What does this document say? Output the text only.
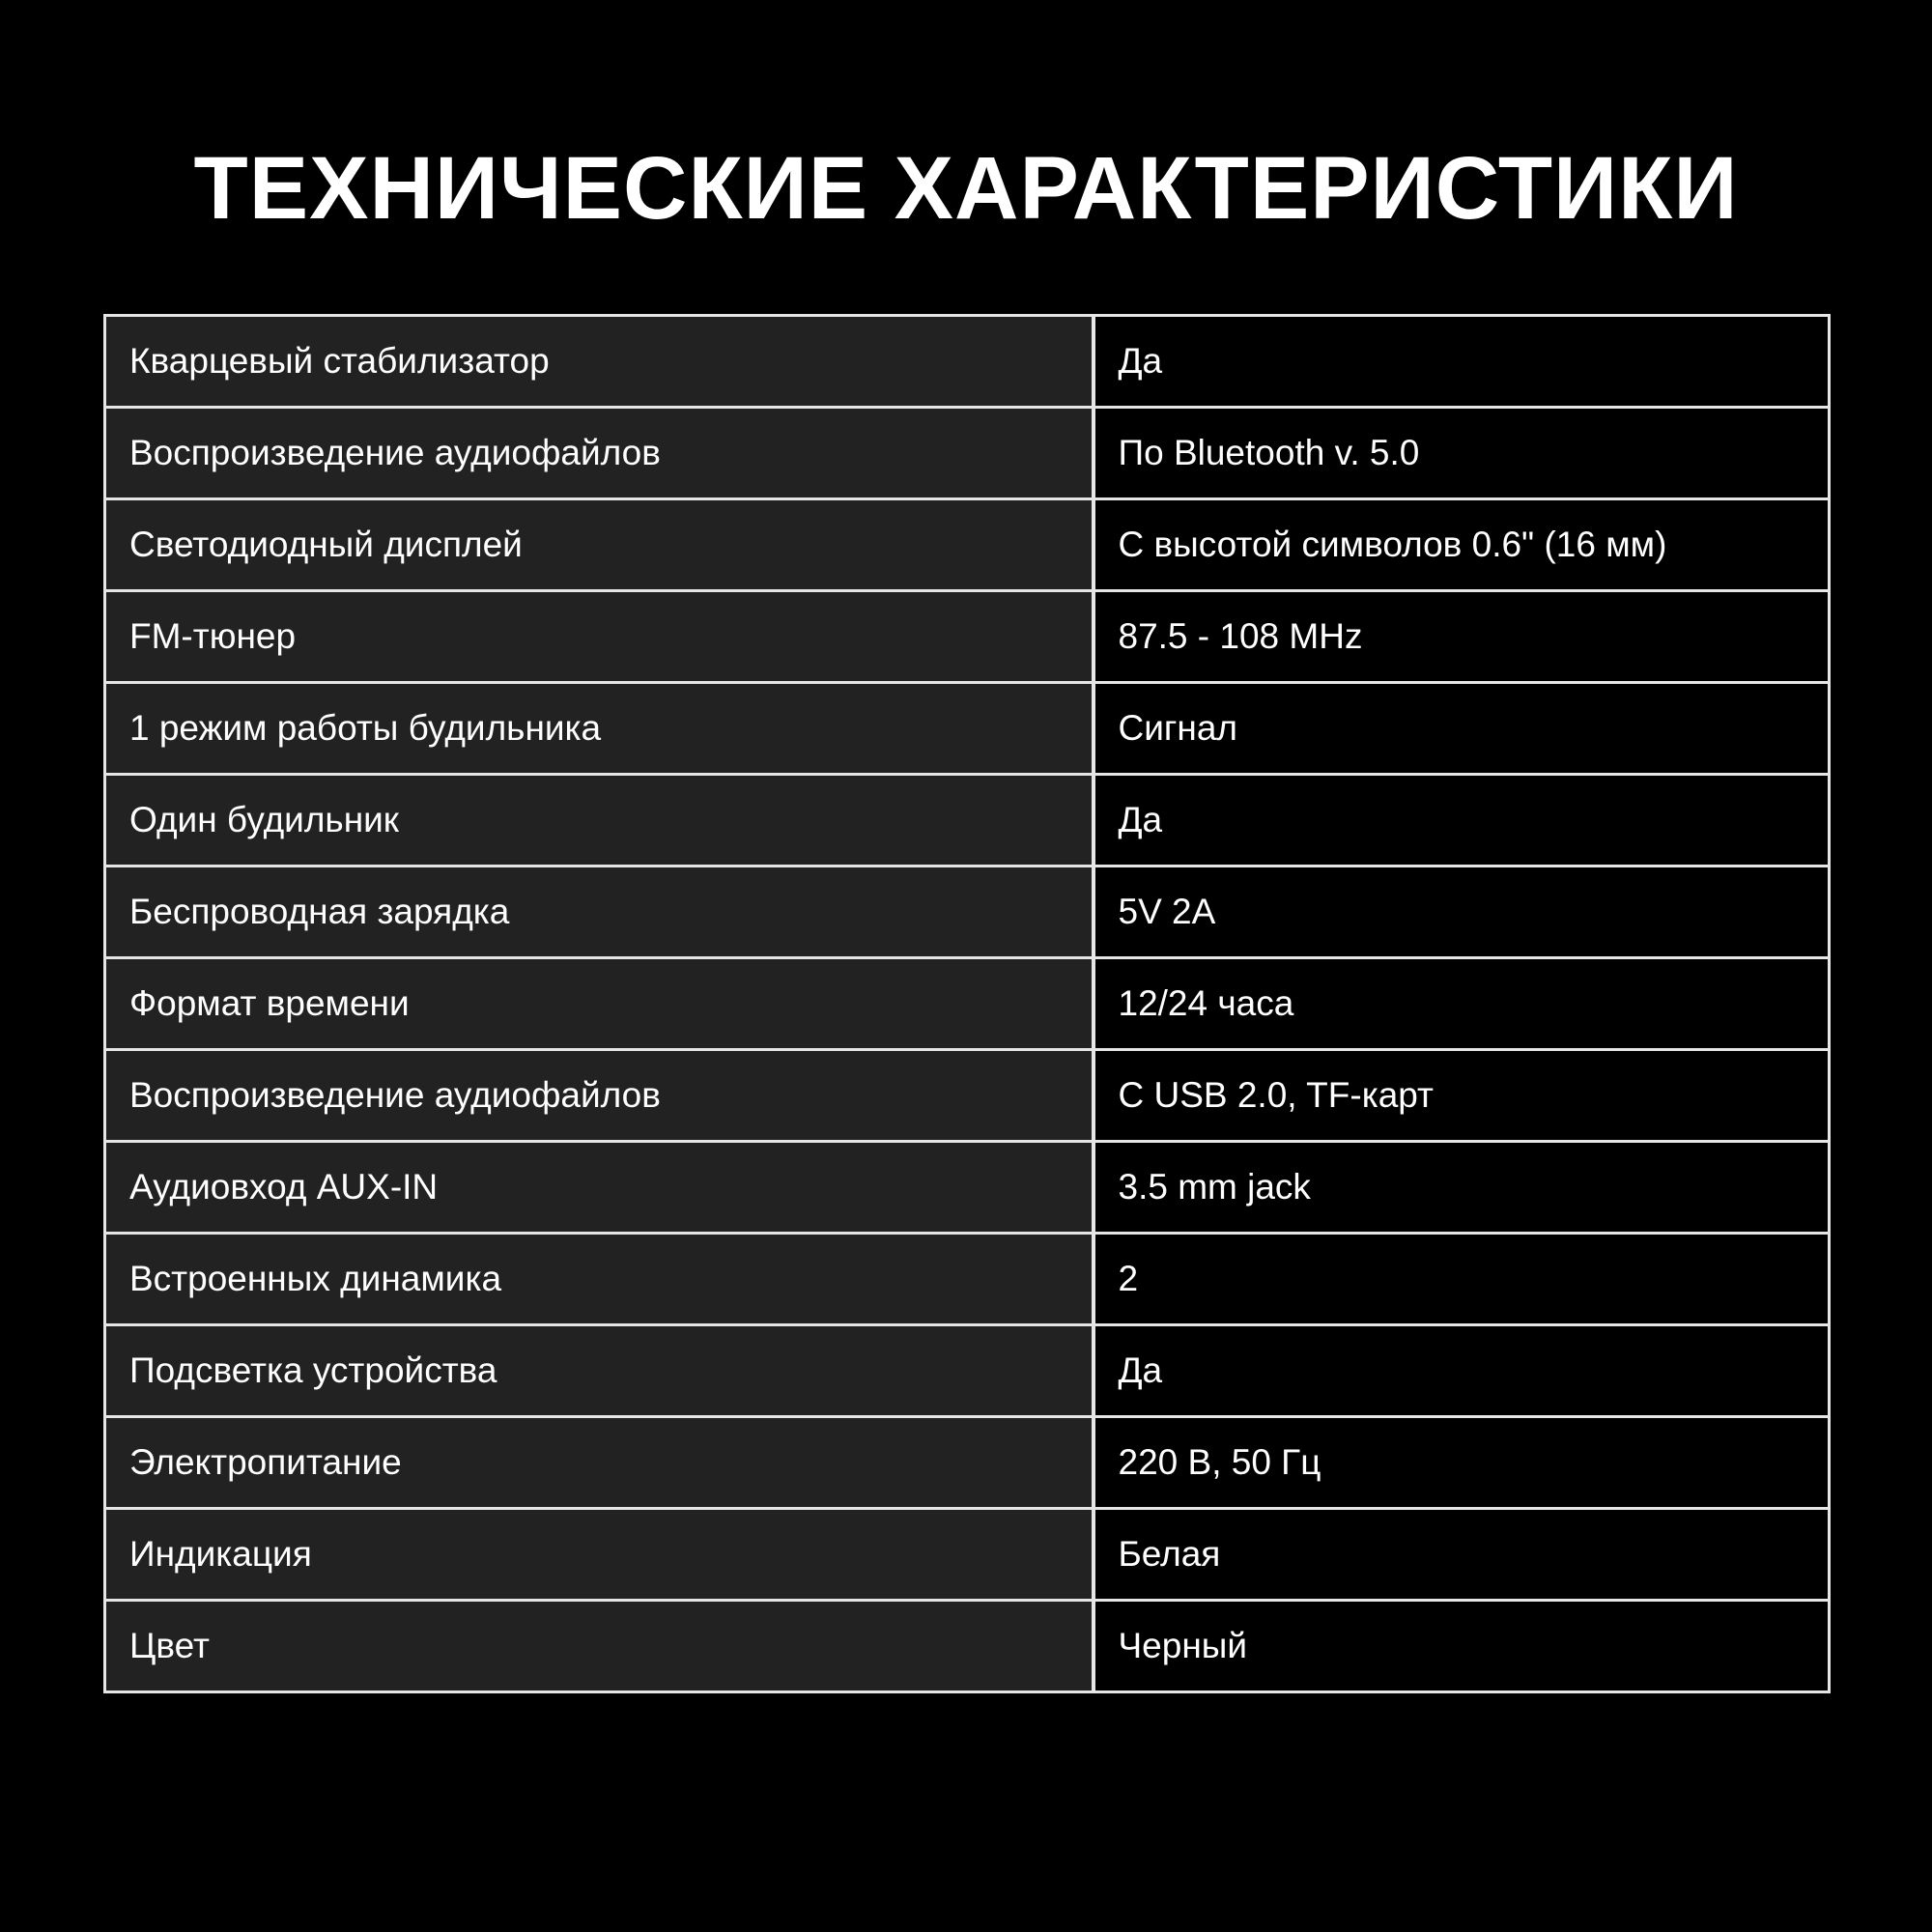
ТЕХНИЧЕСКИЕ ХАРАКТЕРИСТИКИ
Кварцевый стабилизатор	Да
Воспроизведение аудиофайлов	По Bluetooth v. 5.0
Светодиодный дисплей	С высотой символов 0.6" (16 мм)
FM-тюнер	87.5 - 108 MHz
1 режим работы будильника	Сигнал
Один будильник	Да
Беспроводная зарядка	5V 2A
Формат времени	12/24 часа
Воспроизведение аудиофайлов	С USB 2.0, TF-карт
Аудиовход AUX-IN	3.5 mm jack
Встроенных динамика	2
Подсветка устройства	Да
Электропитание	220 В, 50 Гц
Индикация	Белая
Цвет	Черный
